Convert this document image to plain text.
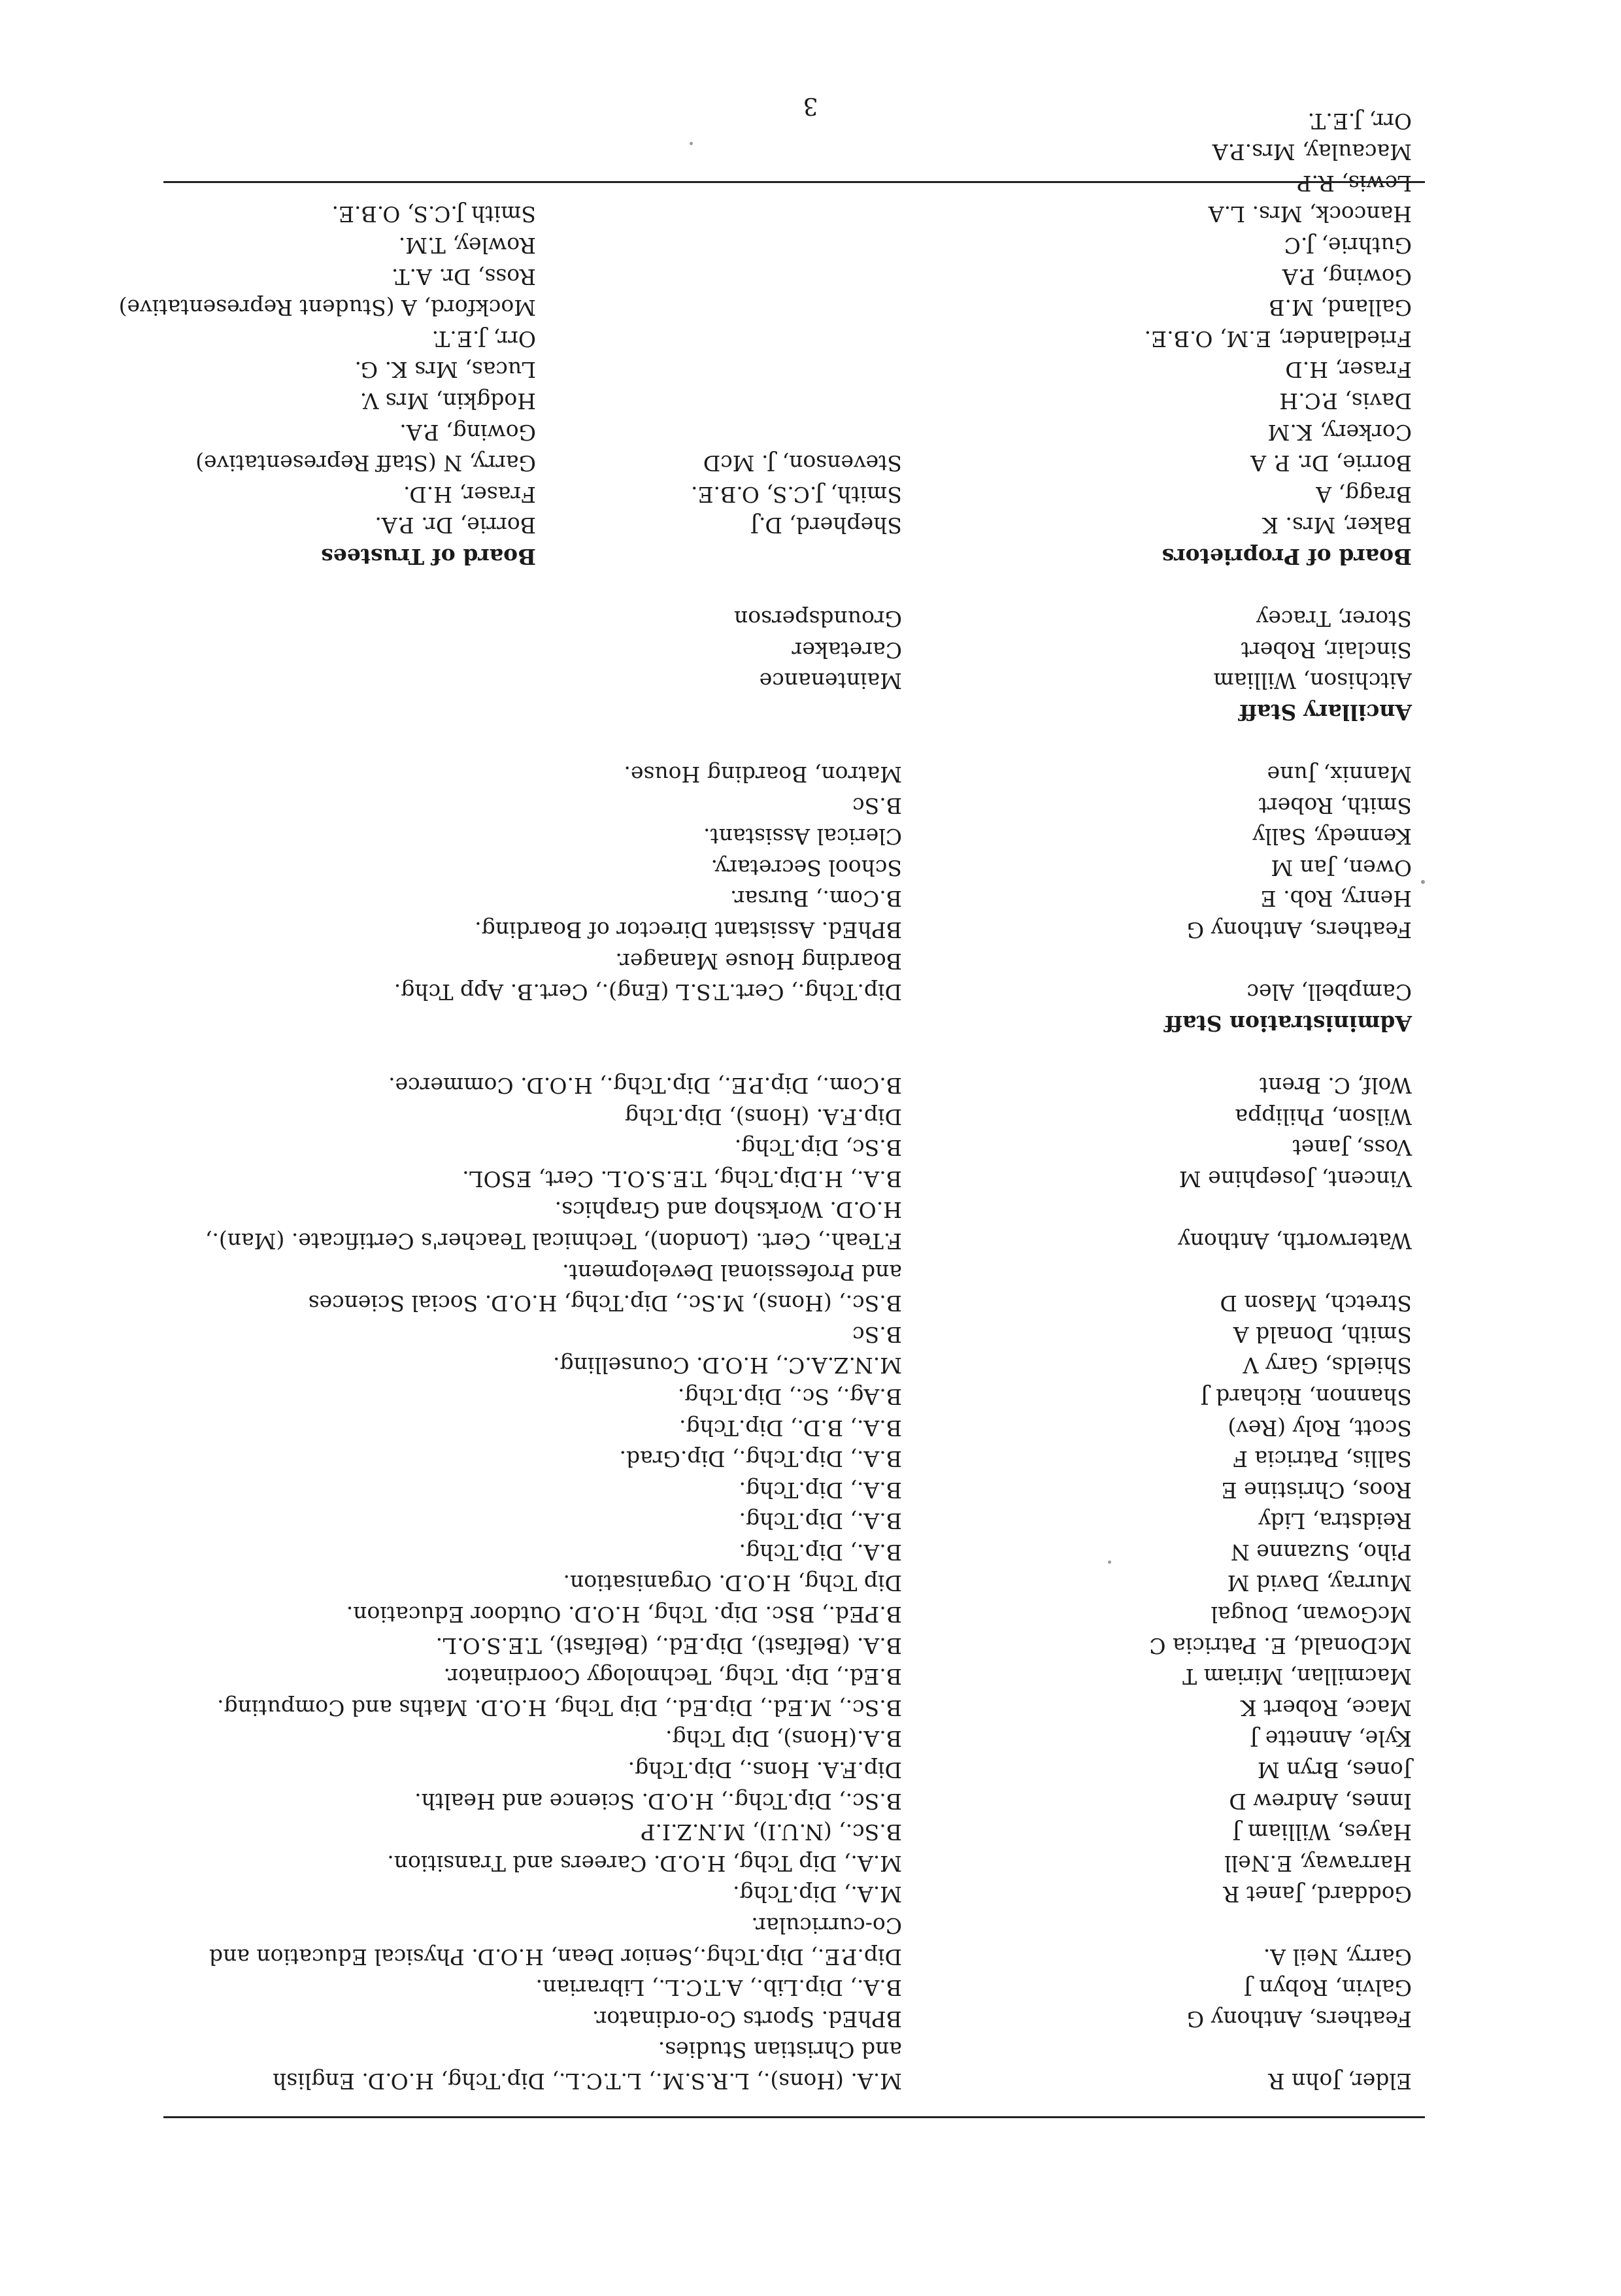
Elder, John R
M.A. (Hons)., L.R.S.M., L.T.C.L., Dip.Tchg, H.O.D. English
and Christian Studies.
Feathers, Anthony G
BPhEd. Sports Co-ordinator.
Galvin, Robyn J
B.A., Dip.Lib., A.T.C.L., Librarian.
Garry, Neil A.
Dip.P.E., Dip.Tchg.,Senior Dean, H.O.D. Physical Education and
Co-curricular.
Goddard, Janet R
M.A., Dip.Tchg.
Harraway, E.Nell
M.A., Dip Tchg, H.O.D. Careers and Transition.
Hayes, William J
B.Sc., (N.U.I), M.N.Z.I.P
Innes, Andrew D
B.Sc., Dip.Tchg., H.O.D. Science and Health.
Jones, Bryn M
Dip.F.A. Hons., Dip.Tchg.
Kyle, Annette J
B.A.(Hons), Dip Tchg.
Mace, Robert K
B.Sc., M.Ed., Dip.Ed., Dip Tchg, H.O.D. Maths and Computing.
Macmillan, Miriam T
B.Ed., Dip. Tchg, Technology Coordinator.
McDonald, E. Patricia C
B.A. (Belfast), Dip.Ed., (Belfast), T.E.S.O.L.
McGowan, Dougal
B.PEd., BSc. Dip. Tchg, H.O.D. Outdoor Education.
Murray, David M
Dip Tchg, H.O.D. Organisation.
Piho, Suzanne N
B.A., Dip.Tchg.
Reidstra, Lidy
B.A., Dip.Tchg.
Roos, Christine E
B.A., Dip.Tchg.
Sallis, Patricia F
B.A., Dip.Tchg., Dip.Grad.
Scott, Roly (Rev)
B.A., B.D., Dip.Tchg.
Shannon, Richard J
B.Ag., Sc., Dip.Tchg.
Shields, Gary V
M.N.Z.A.C., H.O.D. Counselling.
Smith, Donald A
B.Sc
Stretch, Mason D
B.Sc., (Hons), M.Sc., Dip.Tchg, H.O.D. Social Sciences
and Professional Development.
Waterworth, Anthony
F.Teah., Cert. (London), Technical Teacher's Certificate. (Man).,
H.O.D. Workshop and Graphics.
Vincent, Josephine M
B.A., H.Dip.Tchg, T.E.S.O.L. Cert, ESOL.
Voss, Janet
B.Sc, Dip.Tchg.
Wilson, Philippa
Dip.F.A. (Hons), Dip.Tchg
Wolf, C. Brent
B.Com., Dip.P.E., Dip.Tchg., H.O.D. Commerce.
Administration Staff
Campbell, Alec
Dip.Tchg., Cert.T.S.L (Eng)., Cert.B. App Tchg.
Boarding House Manager.
Feathers, Anthony G
BPhEd. Assistant Director of Boarding.
Henry, Rob. E
B.Com., Bursar.
Owen, Jan M
School Secretary.
Kennedy, Sally
Clerical Assistant.
Smith, Robert
B.Sc
Mannix, June
Matron, Boarding House.
Ancillary Staff
Aitchison, William
Maintenance
Sinclair, Robert
Caretaker
Storer, Tracey
Groundsperson
Board of Proprietors
Baker, Mrs. K
Bragg, A
Borrie, Dr. P. A
Corkery, K.M
Davis, P.C.H
Fraser, H.D
Friedlander, E.M, O.B.E.
Galland, M.B
Gowing, P.A
Guthrie, J.C
Hancock, Mrs. L.A
Lewis, R.P
Macaulay, Mrs.P.A
Orr, J.E.T.

Shepherd, D.J
Smith, J.C.S, O.B.E.
Stevenson, J. McD
Board of Trustees
Borrie, Dr. P.A.
Fraser, H.D.
Garry, N (Staff Representative)
Gowing, P.A.
Hodgkin, Mrs V.
Lucas, Mrs K. G.
Orr, J.E.T.
Mockford, A (Student Representative)
Ross, Dr. A.T.
Rowley, T.M.
Smith J.C.S, O.B.E.
3
